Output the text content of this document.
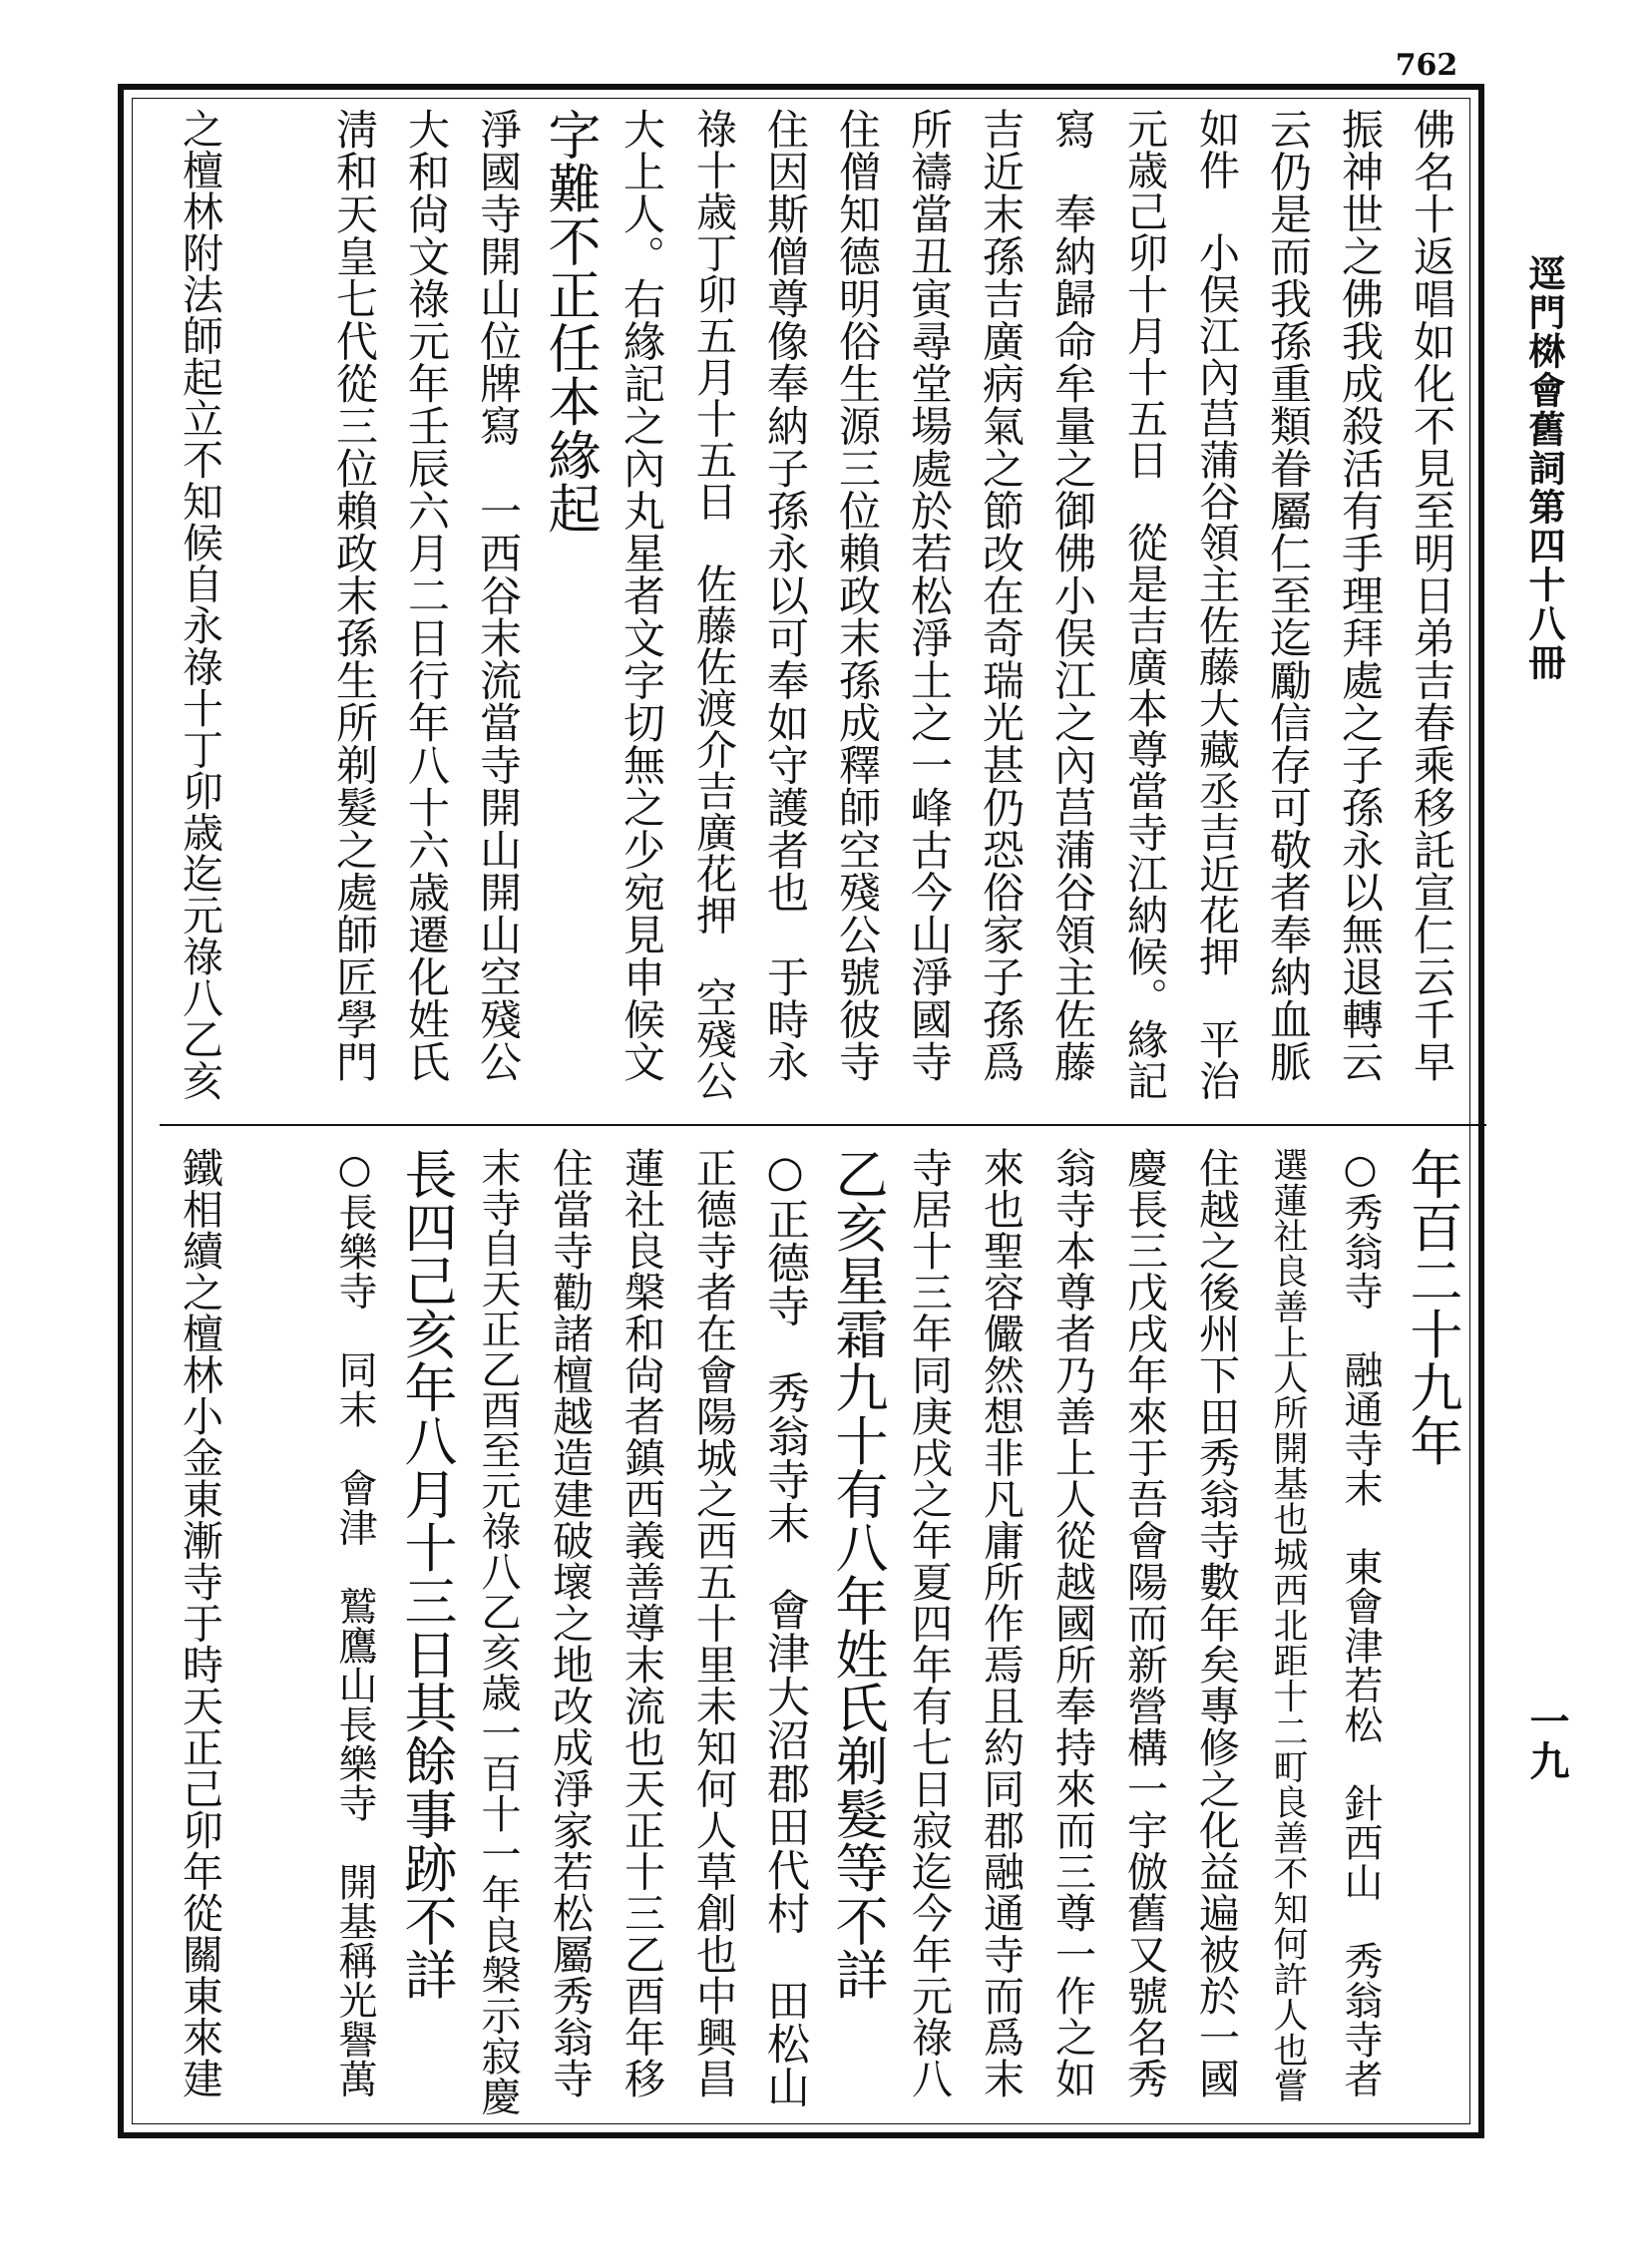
762
逕門棥會舊詞第四十八冊
一九
佛名十返唱如化不見至明日弟吉春乘移託宣仁云千早
振神世之佛我成殺活有手理拜處之子孫永以無退轉云
云仍是而我孫重類眷屬仁至迄勵信存可敬者奉納血脈
如件　小俣江內莒蒲谷領主佐藤大藏丞吉近花押　平治
元歳己卯十月十五日　從是吉廣本尊當寺江納候。緣記
寫　奉納歸命牟量之御佛小俣江之內莒蒲谷領主佐藤
吉近末孫吉廣病氣之節改在奇瑞光甚仍恐俗家子孫爲
所禱當丑寅尋堂場處於若松淨土之一峰古今山淨國寺
住僧知德明俗生源三位賴政末孫成釋師空殘公號彼寺
住因斯僧尊像奉納子孫永以可奉如守護者也　于時永
祿十歳丁卯五月十五日　佐藤佐渡介吉廣花押　空殘公
大上人。右緣記之內丸星者文字切無之少宛見申候文
字難不正任本緣起
淨國寺開山位牌寫　一西谷末流當寺開山開山空殘公
大和尙文祿元年壬辰六月二日行年八十六歳遷化姓氏
淸和天皇七代從三位賴政末孫生所剃髮之處師匠學門
之檀林附法師起立不知候自永祿十丁卯歳迄元祿八乙亥
年百二十九年
○秀翁寺　融通寺末　東會津若松　針西山　秀翁寺者
選蓮社良善上人所開基也城西北距十二町良善不知何許人也嘗
住越之後州下田秀翁寺數年矣專修之化益遍被於一國
慶長三戊戌年來于吾會陽而新營構一宇倣舊又號名秀
翁寺本尊者乃善上人從越國所奉持來而三尊一作之如
來也聖容儼然想非凡庸所作焉且約同郡融通寺而爲末
寺居十三年同庚戌之年夏四年有七日寂迄今年元祿八
乙亥星霜九十有八年姓氏剃髮等不詳
○正德寺　秀翁寺末　會津大沼郡田代村　田松山
正德寺者在會陽城之西五十里未知何人草創也中興昌
蓮社良槃和尙者鎮西義善導末流也天正十三乙酉年移
住當寺勸諸檀越造建破壞之地改成淨家若松屬秀翁寺
末寺自天正乙酉至元祿八乙亥歳一百十一年良槃示寂慶
長四己亥年八月十三日其餘事跡不詳
○長樂寺　同末　會津　鷲鷹山長樂寺　開基稱光譽萬
鐵相續之檀林小金東漸寺于時天正己卯年從關東來建
